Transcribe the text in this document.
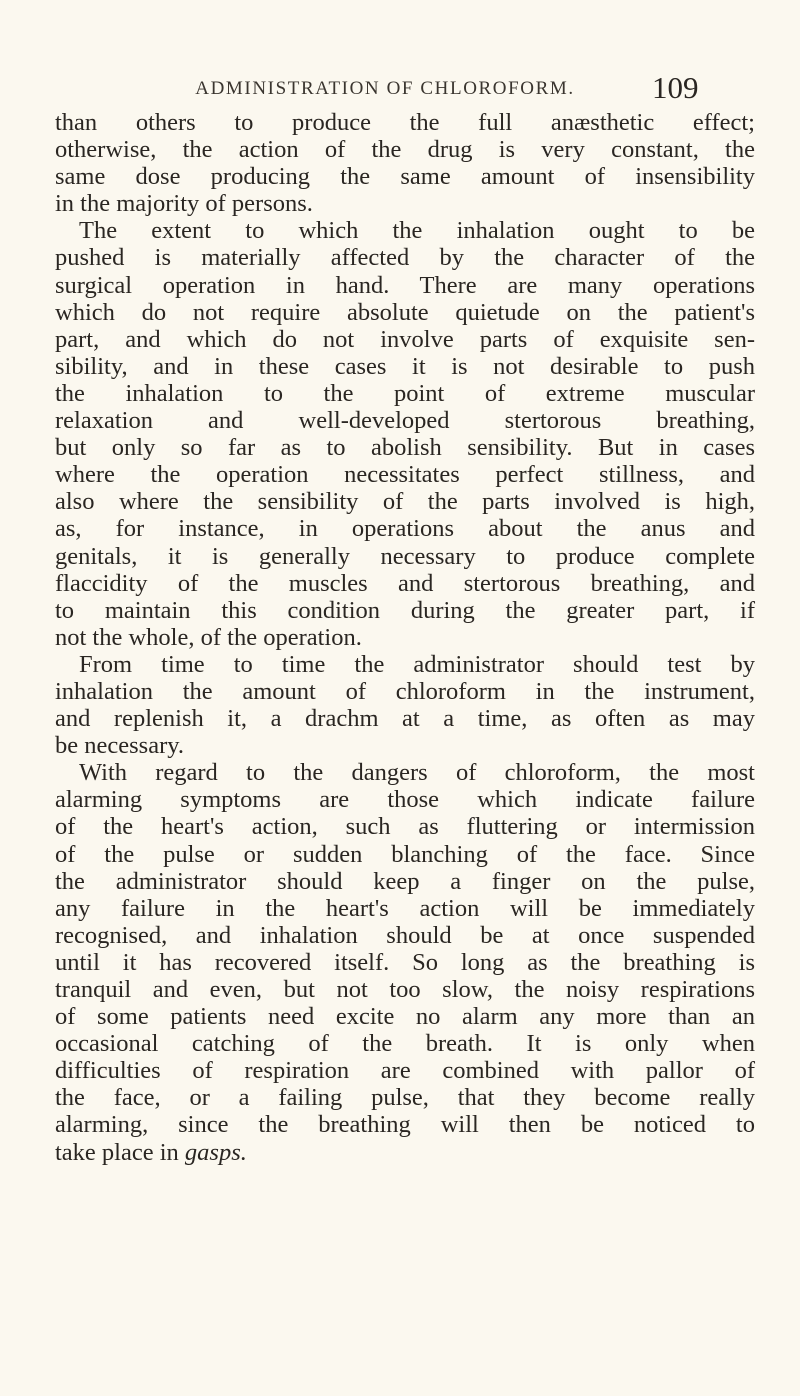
ADMINISTRATION OF CHLOROFORM.	109
than others to produce the full anæsthetic effect;
otherwise, the action of the drug is very constant, the
same dose producing the same amount of insensibility
in the majority of persons.
The extent to which the inhalation ought to be
pushed is materially affected by the character of the
surgical operation in hand. There are many operations
which do not require absolute quietude on the patient's
part, and which do not involve parts of exquisite sen-
sibility, and in these cases it is not desirable to push
the inhalation to the point of extreme muscular
relaxation and well-developed stertorous breathing,
but only so far as to abolish sensibility. But in cases
where the operation necessitates perfect stillness, and
also where the sensibility of the parts involved is high,
as, for instance, in operations about the anus and
genitals, it is generally necessary to produce complete
flaccidity of the muscles and stertorous breathing, and
to maintain this condition during the greater part, if
not the whole, of the operation.
From time to time the administrator should test by
inhalation the amount of chloroform in the instrument,
and replenish it, a drachm at a time, as often as may
be necessary.
With regard to the dangers of chloroform, the most
alarming symptoms are those which indicate failure
of the heart's action, such as fluttering or intermission
of the pulse or sudden blanching of the face. Since
the administrator should keep a finger on the pulse,
any failure in the heart's action will be immediately
recognised, and inhalation should be at once suspended
until it has recovered itself. So long as the breathing is
tranquil and even, but not too slow, the noisy respirations
of some patients need excite no alarm any more than an
occasional catching of the breath. It is only when
difficulties of respiration are combined with pallor of
the face, or a failing pulse, that they become really
alarming, since the breathing will then be noticed to
take place in gasps.
